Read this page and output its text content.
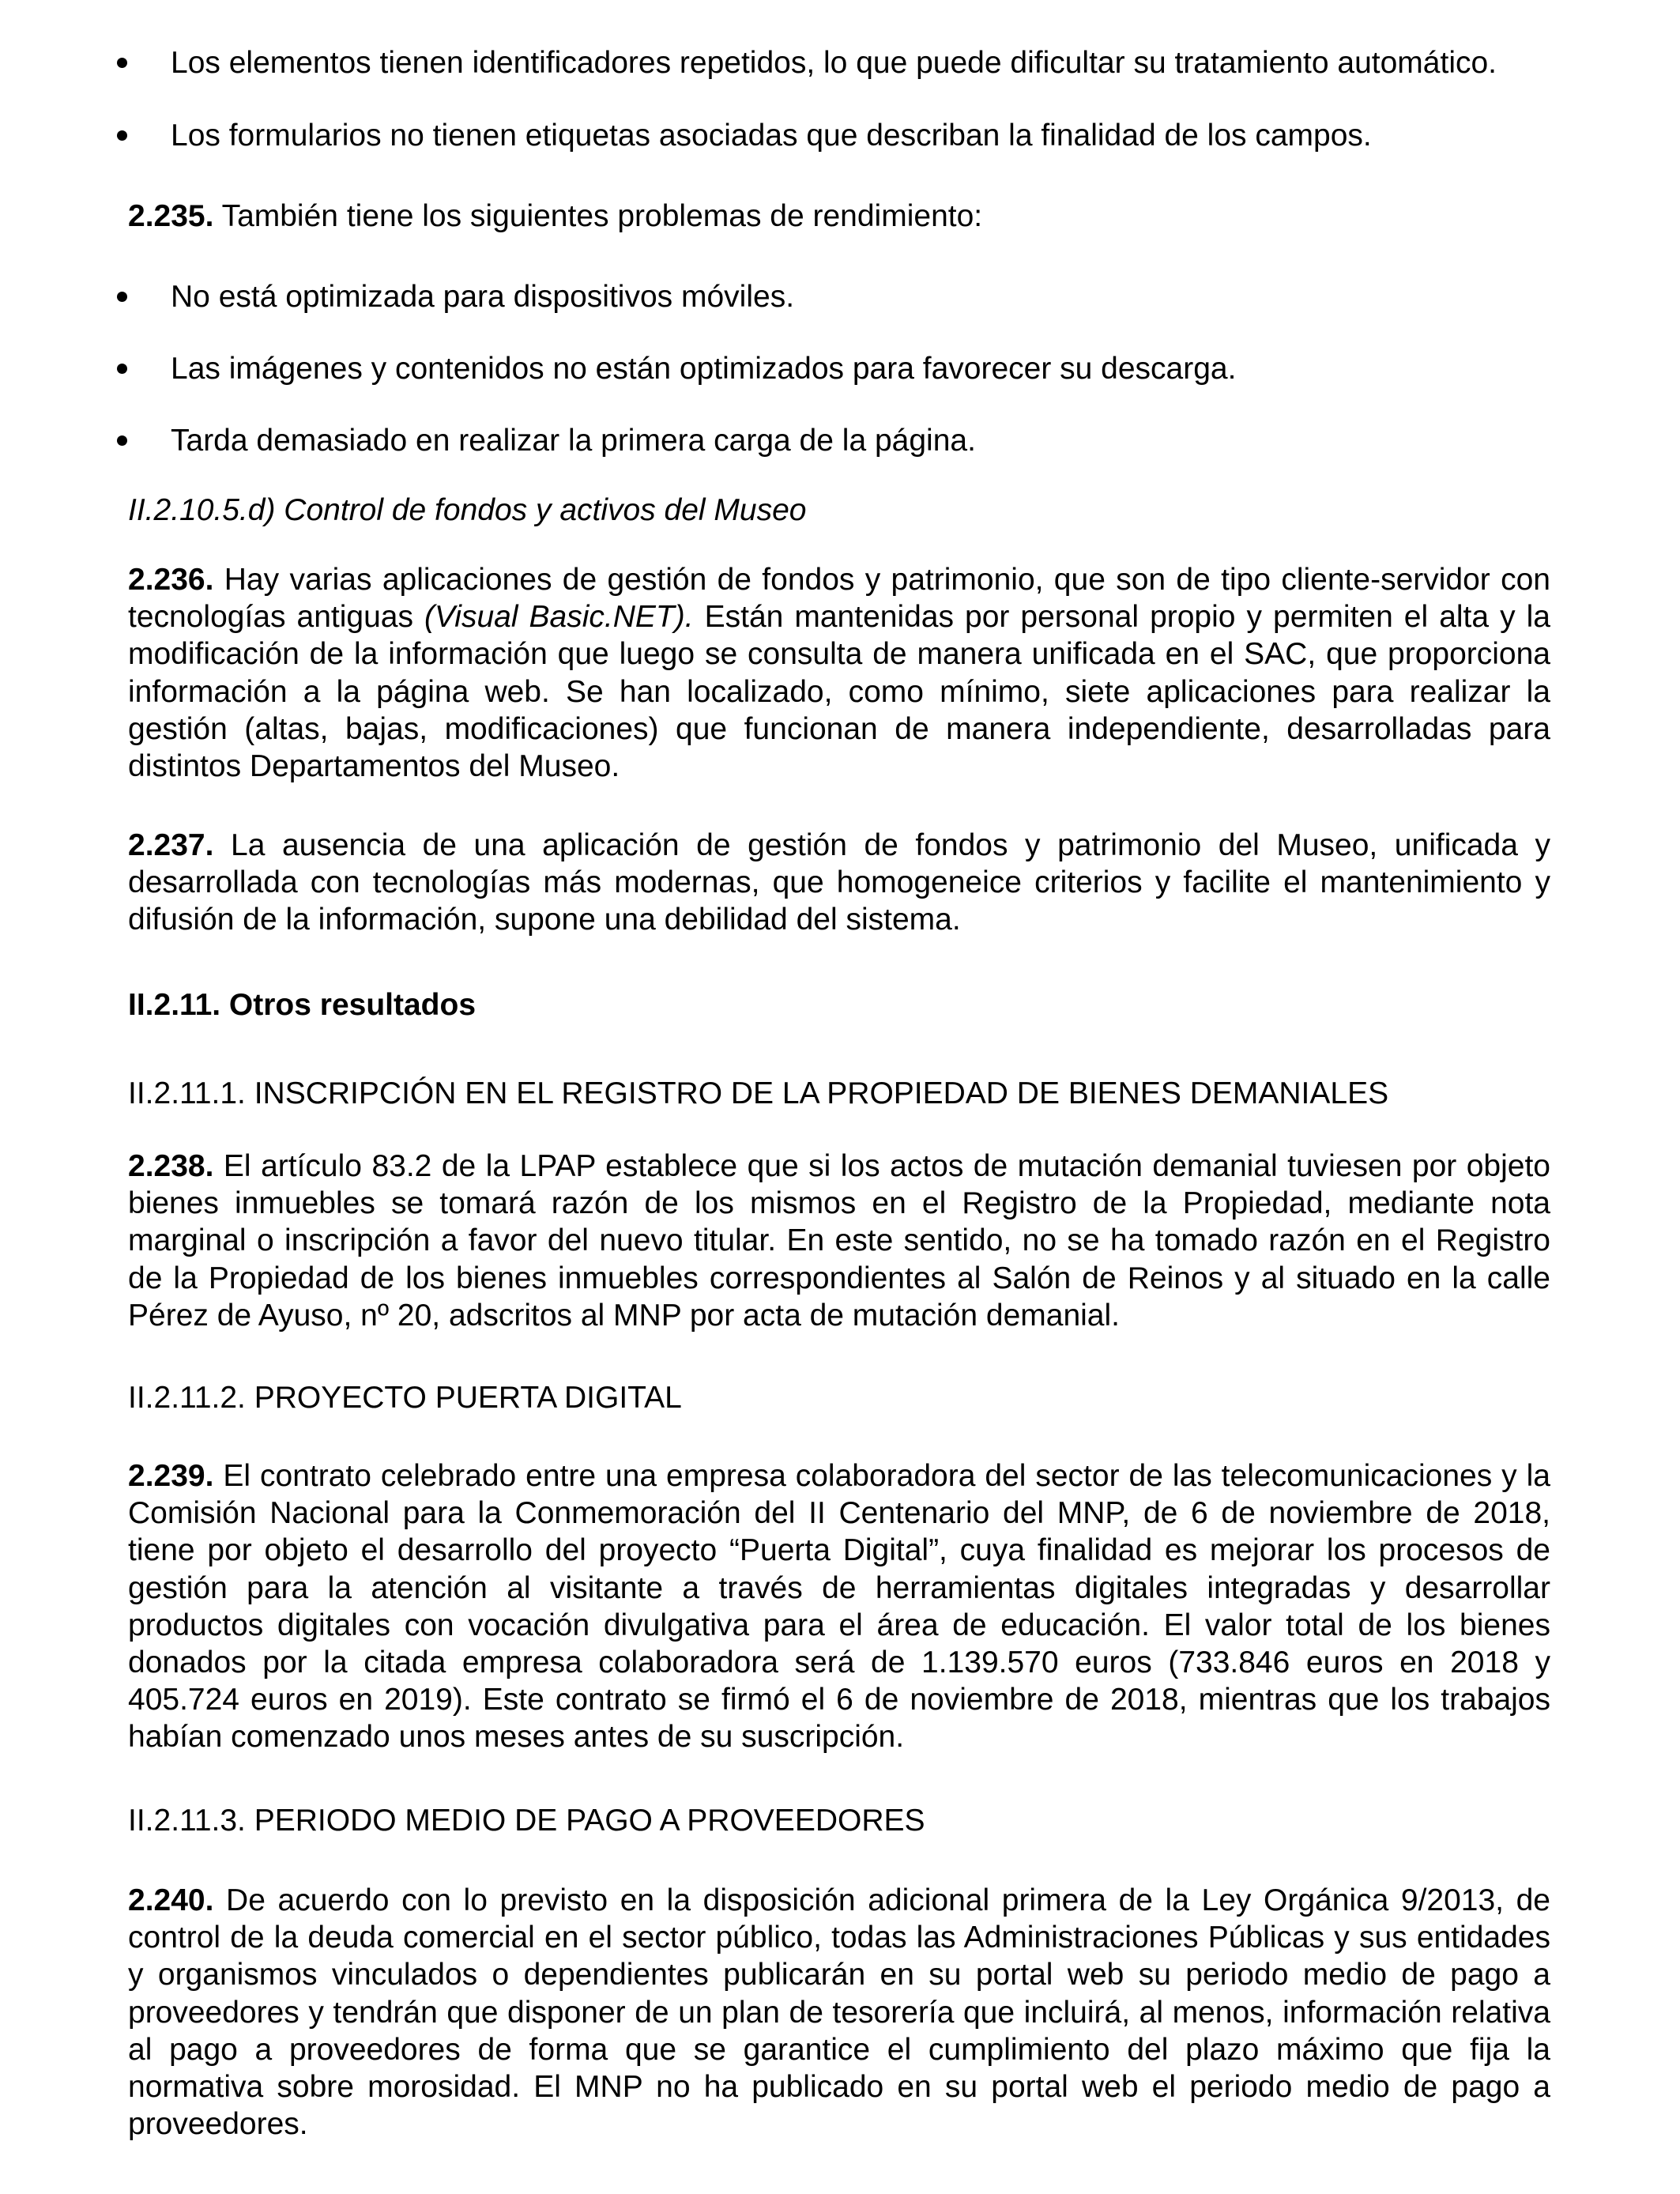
Los elementos tienen identificadores repetidos, lo que puede dificultar su tratamiento automático.
Los formularios no tienen etiquetas asociadas que describan la finalidad de los campos.

2.235. También tiene los siguientes problemas de rendimiento:

No está optimizada para dispositivos móviles.
Las imágenes y contenidos no están optimizados para favorecer su descarga.
Tarda demasiado en realizar la primera carga de la página.

II.2.10.5.d) Control de fondos y activos del Museo

2.236. Hay varias aplicaciones de gestión de fondos y patrimonio, que son de tipo cliente-servidor con tecnologías antiguas (Visual Basic.NET). Están mantenidas por personal propio y permiten el alta y la modificación de la información que luego se consulta de manera unificada en el SAC, que proporciona información a la página web. Se han localizado, como mínimo, siete aplicaciones para realizar la gestión (altas, bajas, modificaciones) que funcionan de manera independiente, desarrolladas para distintos Departamentos del Museo.

2.237. La ausencia de una aplicación de gestión de fondos y patrimonio del Museo, unificada y desarrollada con tecnologías más modernas, que homogeneice criterios y facilite el mantenimiento y difusión de la información, supone una debilidad del sistema.

II.2.11. Otros resultados

II.2.11.1. INSCRIPCIÓN EN EL REGISTRO DE LA PROPIEDAD DE BIENES DEMANIALES

2.238. El artículo 83.2 de la LPAP establece que si los actos de mutación demanial tuviesen por objeto bienes inmuebles se tomará razón de los mismos en el Registro de la Propiedad, mediante nota marginal o inscripción a favor del nuevo titular. En este sentido, no se ha tomado razón en el Registro de la Propiedad de los bienes inmuebles correspondientes al Salón de Reinos y al situado en la calle Pérez de Ayuso, nº 20, adscritos al MNP por acta de mutación demanial.

II.2.11.2. PROYECTO PUERTA DIGITAL

2.239. El contrato celebrado entre una empresa colaboradora del sector de las telecomunicaciones y la Comisión Nacional para la Conmemoración del II Centenario del MNP, de 6 de noviembre de 2018, tiene por objeto el desarrollo del proyecto “Puerta Digital”, cuya finalidad es mejorar los procesos de gestión para la atención al visitante a través de herramientas digitales integradas y desarrollar productos digitales con vocación divulgativa para el área de educación. El valor total de los bienes donados por la citada empresa colaboradora será de 1.139.570 euros (733.846 euros en 2018 y 405.724 euros en 2019). Este contrato se firmó el 6 de noviembre de 2018, mientras que los trabajos habían comenzado unos meses antes de su suscripción.

II.2.11.3. PERIODO MEDIO DE PAGO A PROVEEDORES

2.240. De acuerdo con lo previsto en la disposición adicional primera de la Ley Orgánica 9/2013, de control de la deuda comercial en el sector público, todas las Administraciones Públicas y sus entidades y organismos vinculados o dependientes publicarán en su portal web su periodo medio de pago a proveedores y tendrán que disponer de un plan de tesorería que incluirá, al menos, información relativa al pago a proveedores de forma que se garantice el cumplimiento del plazo máximo que fija la normativa sobre morosidad. El MNP no ha publicado en su portal web el periodo medio de pago a proveedores.
